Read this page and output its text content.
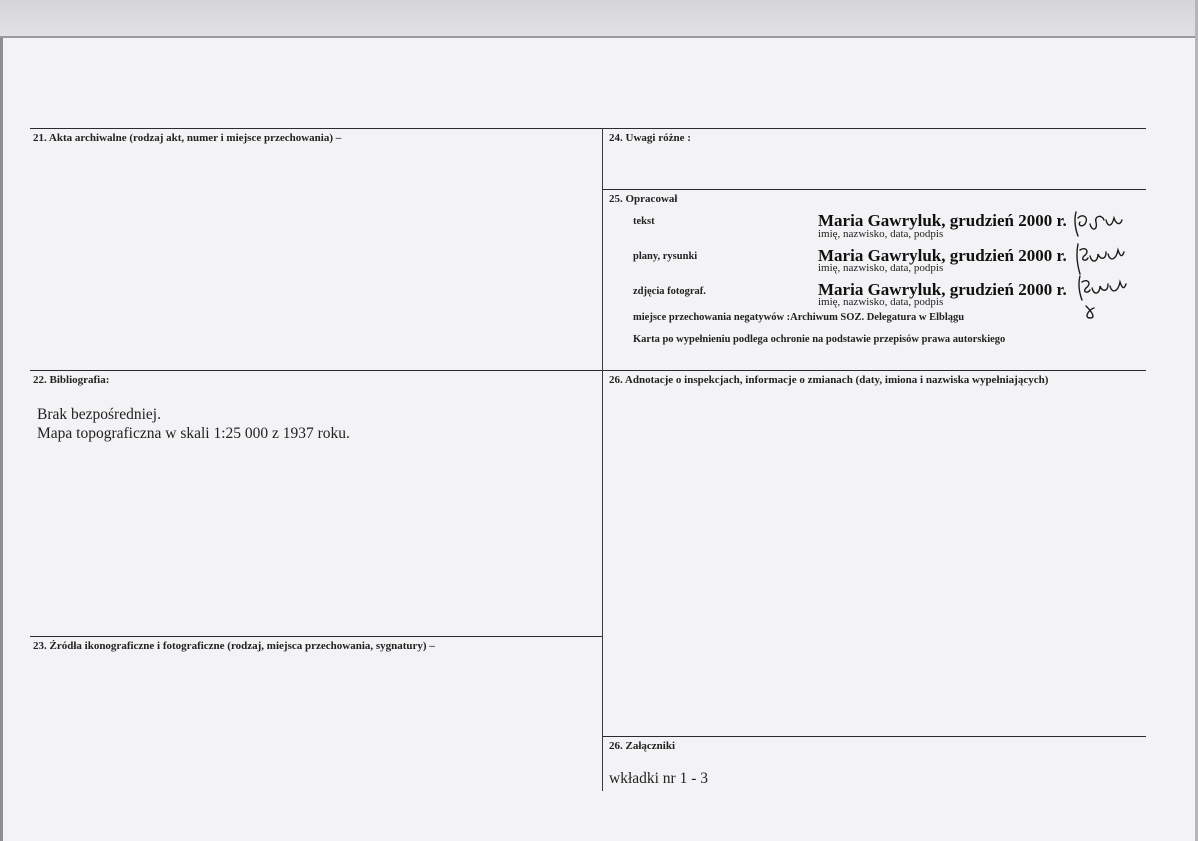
21. Akta archiwalne (rodzaj akt, numer i miejsce przechowania) –	24. Uwagi różne :
25. Opracował
tekst	Maria Gawryluk, grudzień 2000 r.
imię, nazwisko, data, podpis
plany, rysunki	Maria Gawryluk, grudzień 2000 r.
imię, nazwisko, data, podpis
zdjęcia fotograf.	Maria Gawryluk, grudzień 2000 r.
imię, nazwisko, data, podpis
miejsce przechowania negatywów :Archiwum SOZ. Delegatura w Elblągu
Karta po wypełnieniu podlega ochronie na podstawie przepisów prawa autorskiego
22. Bibliografia:
Brak bezpośredniej.
Mapa topograficzna w skali 1:25 000 z 1937 roku.
26. Adnotacje o inspekcjach, informacje o zmianach (daty, imiona i nazwiska wypełniających)
23. Źródła ikonograficzne i fotograficzne (rodzaj, miejsca przechowania, sygnatury) –
26. Załączniki
wkładki nr 1 - 3
